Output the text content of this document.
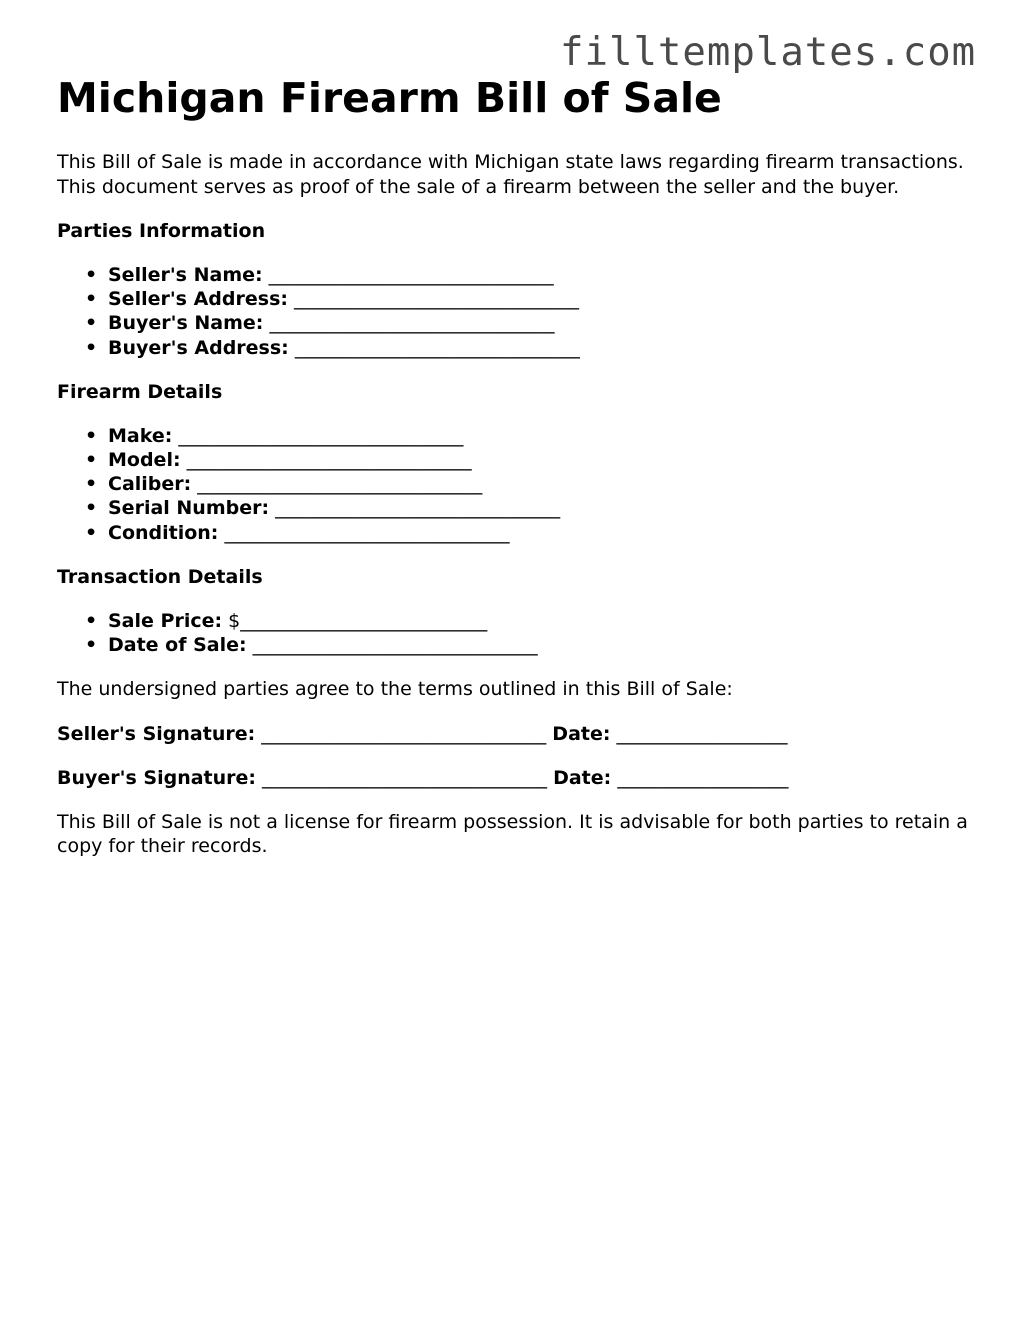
filltemplates.com
Michigan Firearm Bill of Sale

This Bill of Sale is made in accordance with Michigan state laws regarding firearm transactions. This document serves as proof of the sale of a firearm between the seller and the buyer.

Parties Information
• Seller's Name: ______________________________
• Seller's Address: ______________________________
• Buyer's Name: ______________________________
• Buyer's Address: ______________________________
Firearm Details
• Make: ______________________________
• Model: ______________________________
• Caliber: ______________________________
• Serial Number: ______________________________
• Condition: ______________________________
Transaction Details
• Sale Price: $__________________________
• Date of Sale: ______________________________

The undersigned parties agree to the terms outlined in this Bill of Sale:

Seller's Signature: ______________________________ Date: __________________
Buyer's Signature: ______________________________ Date: __________________

This Bill of Sale is not a license for firearm possession. It is advisable for both parties to retain a copy for their records.
